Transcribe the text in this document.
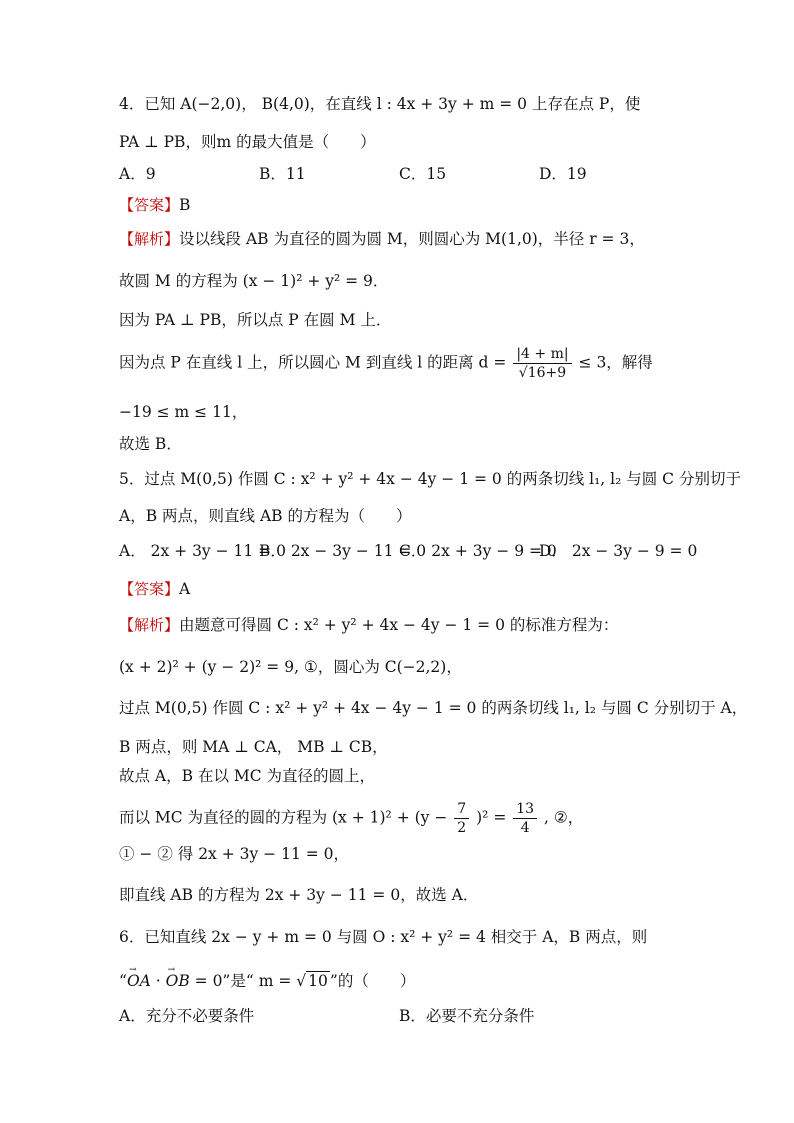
4．已知 A(−2,0)， B(4,0)，在直线 l : 4x + 3y + m = 0 上存在点 P，使
PA ⊥ PB，则m 的最大值是（　　）
A．9	B．11	C．15	D．19
【答案】B
【解析】设以线段 AB 为直径的圆为圆 M，则圆心为 M(1,0)，半径 r = 3，
故圆 M 的方程为 (x − 1)² + y² = 9．
因为 PA ⊥ PB，所以点 P 在圆 M 上．
因为点 P 在直线 l 上，所以圆心 M 到直线 l 的距离 $d = \frac{|4 + m|}{√16+9} \le 3$，解得
−19 ≤ m ≤ 11，
故选 B．
5．过点 M(0,5) 作圆 C : x² + y² + 4x − 4y − 1 = 0 的两条切线 l₁, l₂ 与圆 C 分别切于
A，B 两点，则直线 AB 的方程为（　　）
A． 2x + 3y − 11 = 0
B． 2x − 3y − 11 = 0
C． 2x + 3y − 9 = 0
D． 2x − 3y − 9 = 0
【答案】A
【解析】由题意可得圆 C : x² + y² + 4x − 4y − 1 = 0 的标准方程为：
(x + 2)² + (y − 2)² = 9, ①，圆心为 C(−2,2)，
过点 M(0,5) 作圆 C : x² + y² + 4x − 4y − 1 = 0 的两条切线 l₁, l₂ 与圆 C 分别切于 A，
B 两点，则 MA ⊥ CA， MB ⊥ CB，
故点 A，B 在以 MC 为直径的圆上，
而以 MC 为直径的圆的方程为 $(x + 1)^2 + (y - \frac{7}{2} )^2 = \frac{13}{4}$ , ②，
① − ② 得 2x + 3y − 11 = 0，
即直线 AB 的方程为 2x + 3y − 11 = 0，故选 A．
6．已知直线 2x − y + m = 0 与圆 O : x² + y² = 4 相交于 A，B 两点，则
“→ OA · → OB = 0”是“ m = √ 10 ”的（　　）
A．充分不必要条件	B．必要不充分条件
